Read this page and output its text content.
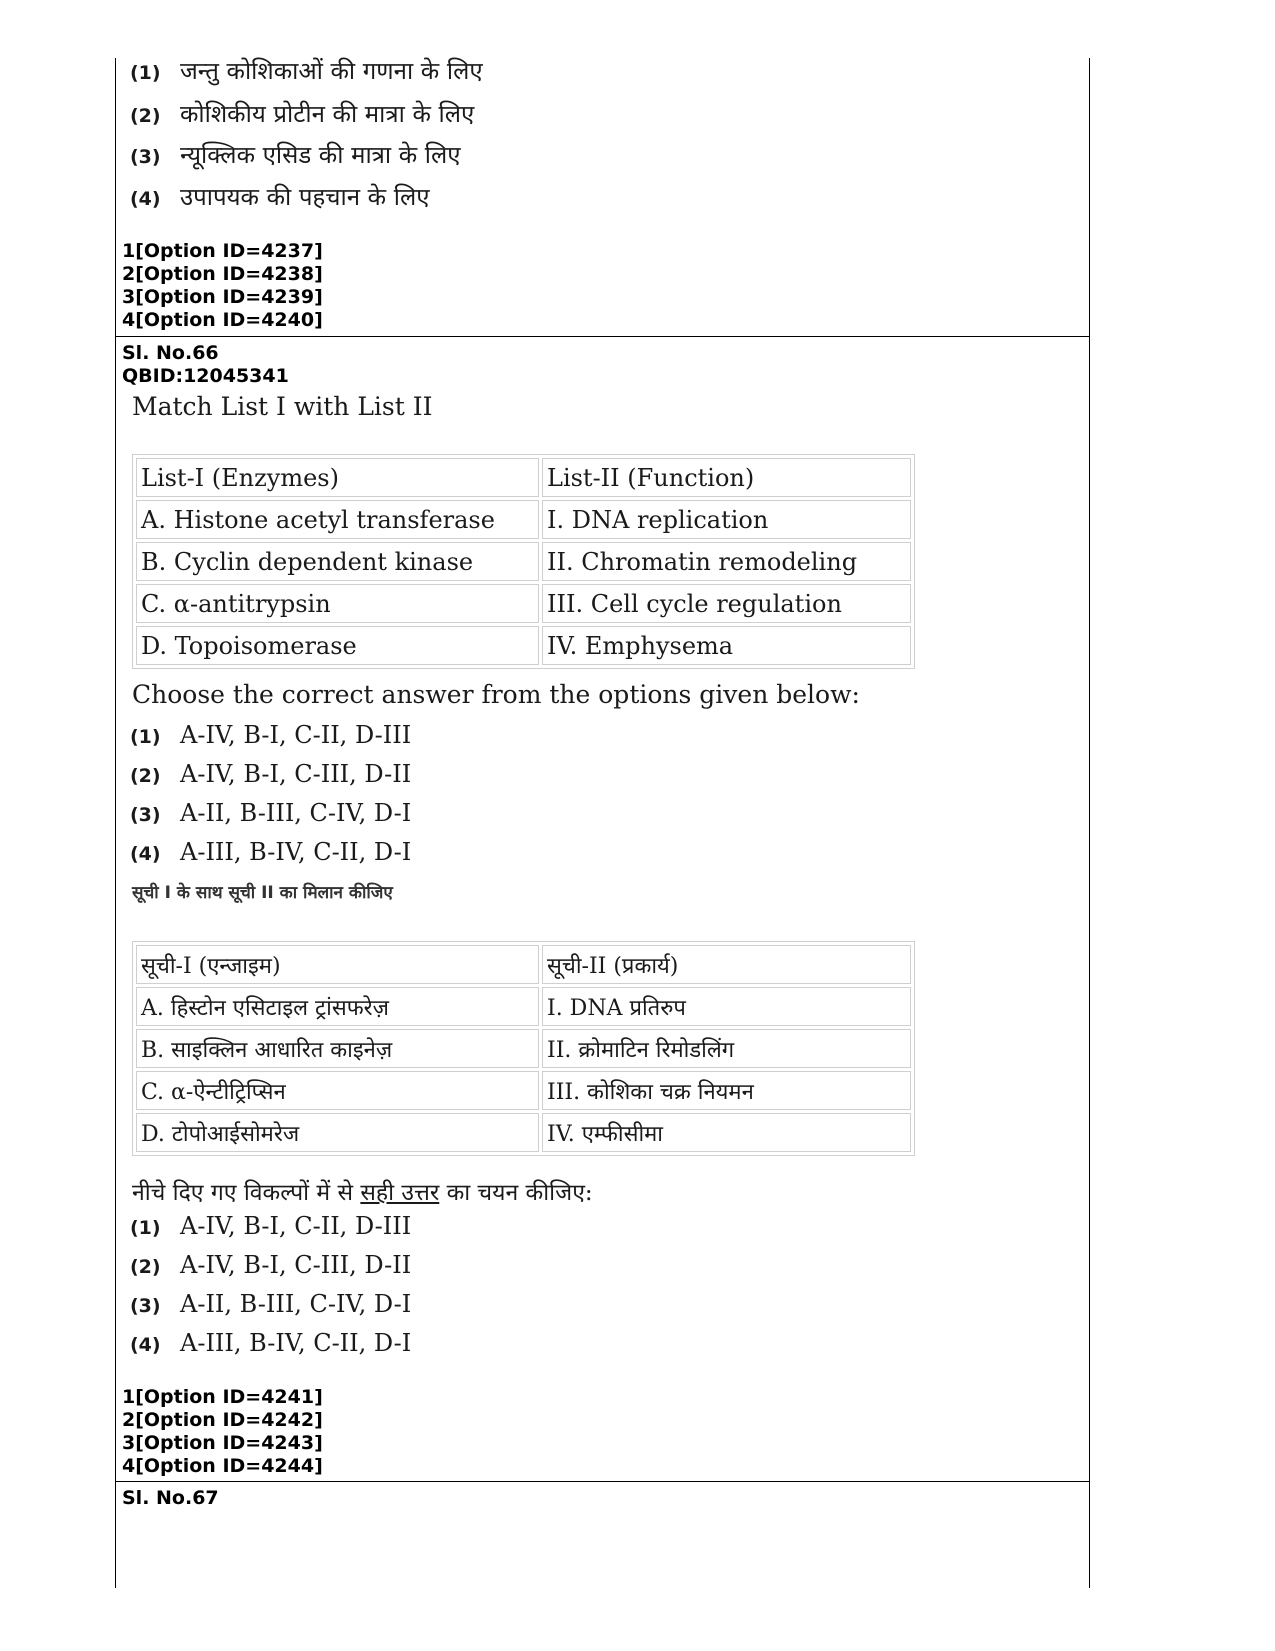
(1) जन्तु कोशिकाओं की गणना के लिए
(2) कोशिकीय प्रोटीन की मात्रा के लिए
(3) न्यूक्लिक एसिड की मात्रा के लिए
(4) उपापयक की पहचान के लिए
1[Option ID=4237]
2[Option ID=4238]
3[Option ID=4239]
4[Option ID=4240]
Sl. No.66
QBID:12045341
Match List I with List II
List-I (Enzymes)	List-II (Function)
A. Histone acetyl transferase	I. DNA replication
B. Cyclin dependent kinase	II. Chromatin remodeling
C. α-antitrypsin	III. Cell cycle regulation
D. Topoisomerase	IV. Emphysema
Choose the correct answer from the options given below:
(1) A-IV, B-I, C-II, D-III
(2) A-IV, B-I, C-III, D-II
(3) A-II, B-III, C-IV, D-I
(4) A-III, B-IV, C-II, D-I
सूची I के साथ सूची II का मिलान कीजिए
सूची-I (एन्जाइम)	सूची-II (प्रकार्य)
A. हिस्टोन एसिटाइल ट्रांसफरेज़	I. DNA प्रतिरुप
B. साइक्लिन आधारित काइनेज़	II. क्रोमाटिन रिमोडलिंग
C. α-ऐन्टीट्रिप्सिन	III. कोशिका चक्र नियमन
D. टोपोआईसोमरेज	IV. एम्फीसीमा
नीचे दिए गए विकल्पों में से सही उत्तर का चयन कीजिए:
(1) A-IV, B-I, C-II, D-III
(2) A-IV, B-I, C-III, D-II
(3) A-II, B-III, C-IV, D-I
(4) A-III, B-IV, C-II, D-I
1[Option ID=4241]
2[Option ID=4242]
3[Option ID=4243]
4[Option ID=4244]
Sl. No.67
